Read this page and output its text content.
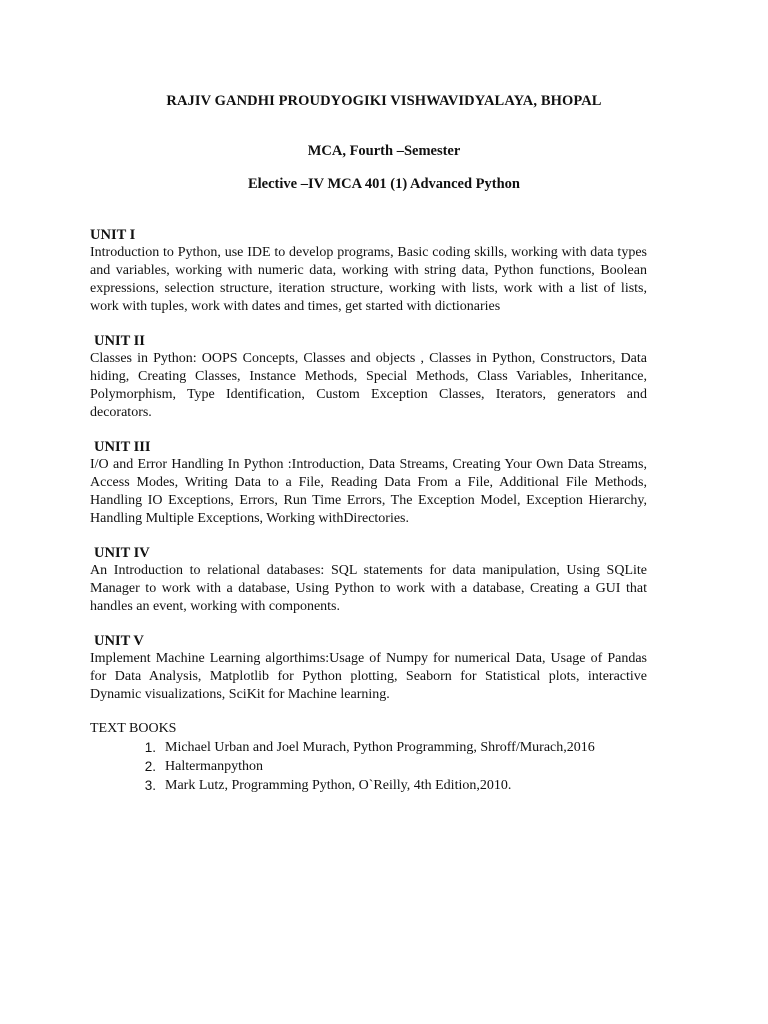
RAJIV GANDHI PROUDYOGIKI VISHWAVIDYALAYA, BHOPAL
MCA, Fourth –Semester
Elective –IV MCA 401 (1) Advanced Python

UNIT I

Introduction to Python, use IDE to develop programs, Basic coding skills, working with data types and variables, working with numeric data, working with string data, Python functions, Boolean expressions, selection structure, iteration structure, working with lists, work with a list of lists, work with tuples, work with dates and times, get started with dictionaries

UNIT II

Classes in Python: OOPS Concepts, Classes and objects , Classes in Python, Constructors, Data hiding, Creating Classes, Instance Methods, Special Methods, Class Variables, Inheritance, Polymorphism, Type Identification, Custom Exception Classes, Iterators, generators and decorators.

UNIT III

I/O and Error Handling In Python :Introduction, Data Streams, Creating Your Own Data Streams, Access Modes, Writing Data to a File, Reading Data From a File, Additional File Methods, Handling IO Exceptions, Errors, Run Time Errors, The Exception Model, Exception Hierarchy, Handling Multiple Exceptions, Working withDirectories.

UNIT IV

An Introduction to relational databases: SQL statements for data manipulation, Using SQLite Manager to work with a database, Using Python to work with a database, Creating a GUI that handles an event, working with components.

UNIT V

Implement Machine Learning algorthims:Usage of Numpy for numerical Data, Usage of Pandas for Data Analysis, Matplotlib for Python plotting, Seaborn for Statistical plots, interactive Dynamic visualizations, SciKit for Machine learning.

TEXT BOOKS

1. Michael Urban and Joel Murach, Python Programming, Shroff/Murach,2016
2. Haltermanpython
3. Mark Lutz, Programming Python, O`Reilly, 4th Edition,2010.
